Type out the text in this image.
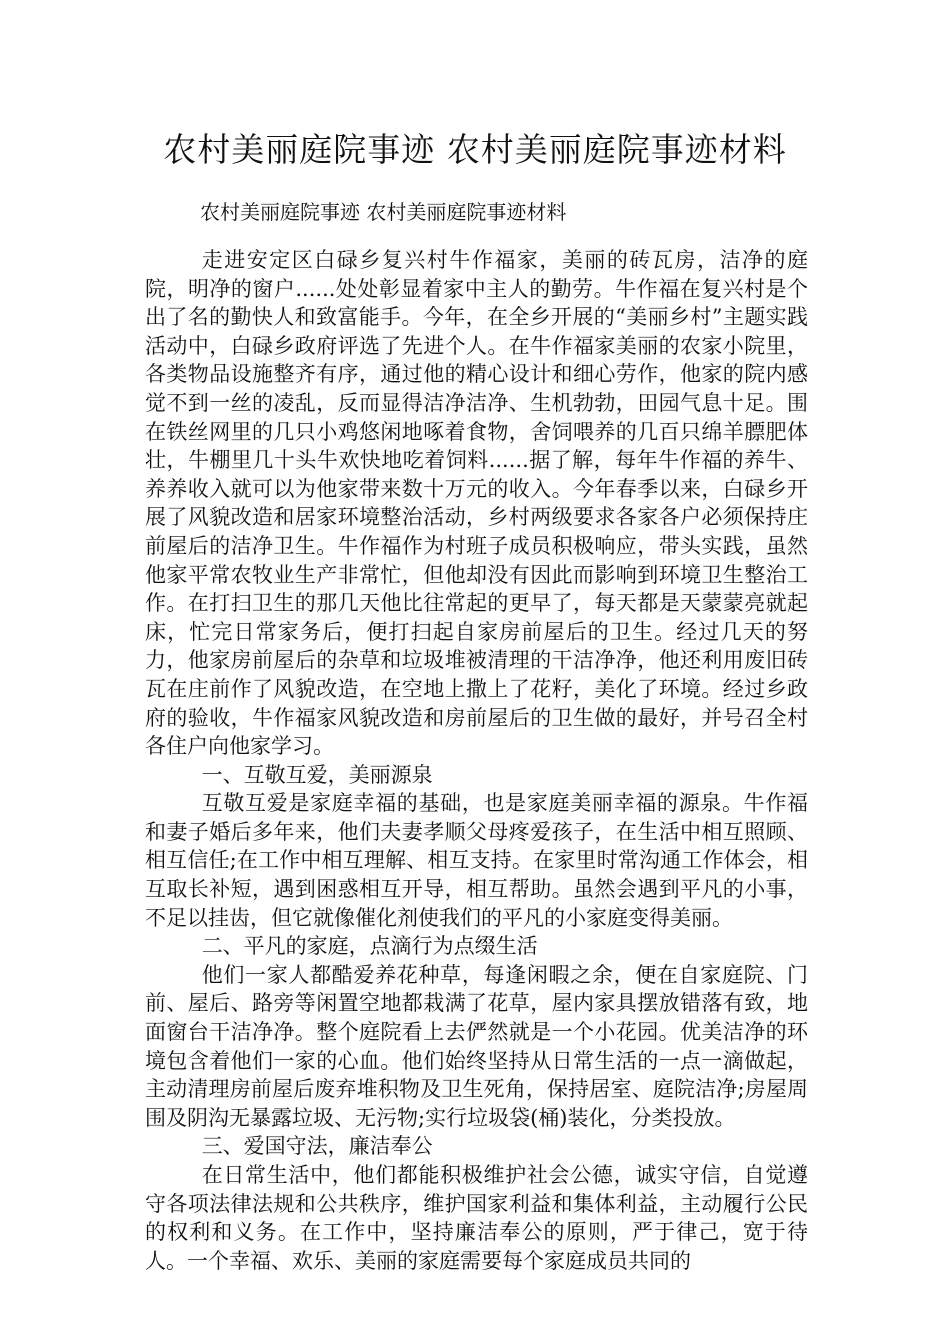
农村美丽庭院事迹 农村美丽庭院事迹材料
农村美丽庭院事迹 农村美丽庭院事迹材料

走进安定区白碌乡复兴村牛作福家，美丽的砖瓦房，洁净的庭院，明净的窗户......处处彰显着家中主人的勤劳。牛作福在复兴村是个出了名的勤快人和致富能手。今年，在全乡开展的“美丽乡村”主题实践活动中，白碌乡政府评选了先进个人。在牛作福家美丽的农家小院里，各类物品设施整齐有序，通过他的精心设计和细心劳作，他家的院内感觉不到一丝的凌乱，反而显得洁净洁净、生机勃勃，田园气息十足。围在铁丝网里的几只小鸡悠闲地啄着食物，舍饲喂养的几百只绵羊膘肥体壮，牛棚里几十头牛欢快地吃着饲料......据了解，每年牛作福的养牛、养养收入就可以为他家带来数十万元的收入。今年春季以来，白碌乡开展了风貌改造和居家环境整治活动，乡村两级要求各家各户必须保持庄前屋后的洁净卫生。牛作福作为村班子成员积极响应，带头实践，虽然他家平常农牧业生产非常忙，但他却没有因此而影响到环境卫生整治工作。在打扫卫生的那几天他比往常起的更早了，每天都是天蒙蒙亮就起床，忙完日常家务后，便打扫起自家房前屋后的卫生。经过几天的努力，他家房前屋后的杂草和垃圾堆被清理的干洁净净，他还利用废旧砖瓦在庄前作了风貌改造，在空地上撒上了花籽，美化了环境。经过乡政府的验收，牛作福家风貌改造和房前屋后的卫生做的最好，并号召全村各住户向他家学习。

一、互敬互爱，美丽源泉

互敬互爱是家庭幸福的基础，也是家庭美丽幸福的源泉。牛作福和妻子婚后多年来，他们夫妻孝顺父母疼爱孩子，在生活中相互照顾、相互信任;在工作中相互理解、相互支持。在家里时常沟通工作体会，相互取长补短，遇到困惑相互开导，相互帮助。虽然会遇到平凡的小事，不足以挂齿，但它就像催化剂使我们的平凡的小家庭变得美丽。

二、平凡的家庭，点滴行为点缀生活

他们一家人都酷爱养花种草，每逢闲暇之余，便在自家庭院、门前、屋后、路旁等闲置空地都栽满了花草，屋内家具摆放错落有致，地面窗台干洁净净。整个庭院看上去俨然就是一个小花园。优美洁净的环境包含着他们一家的心血。他们始终坚持从日常生活的一点一滴做起，主动清理房前屋后废弃堆积物及卫生死角，保持居室、庭院洁净;房屋周围及阴沟无暴露垃圾、无污物;实行垃圾袋(桶)装化，分类投放。

三、爱国守法，廉洁奉公

在日常生活中，他们都能积极维护社会公德，诚实守信，自觉遵守各项法律法规和公共秩序，维护国家利益和集体利益，主动履行公民的权利和义务。在工作中，坚持廉洁奉公的原则，严于律己，宽于待人。一个幸福、欢乐、美丽的家庭需要每个家庭成员共同的
